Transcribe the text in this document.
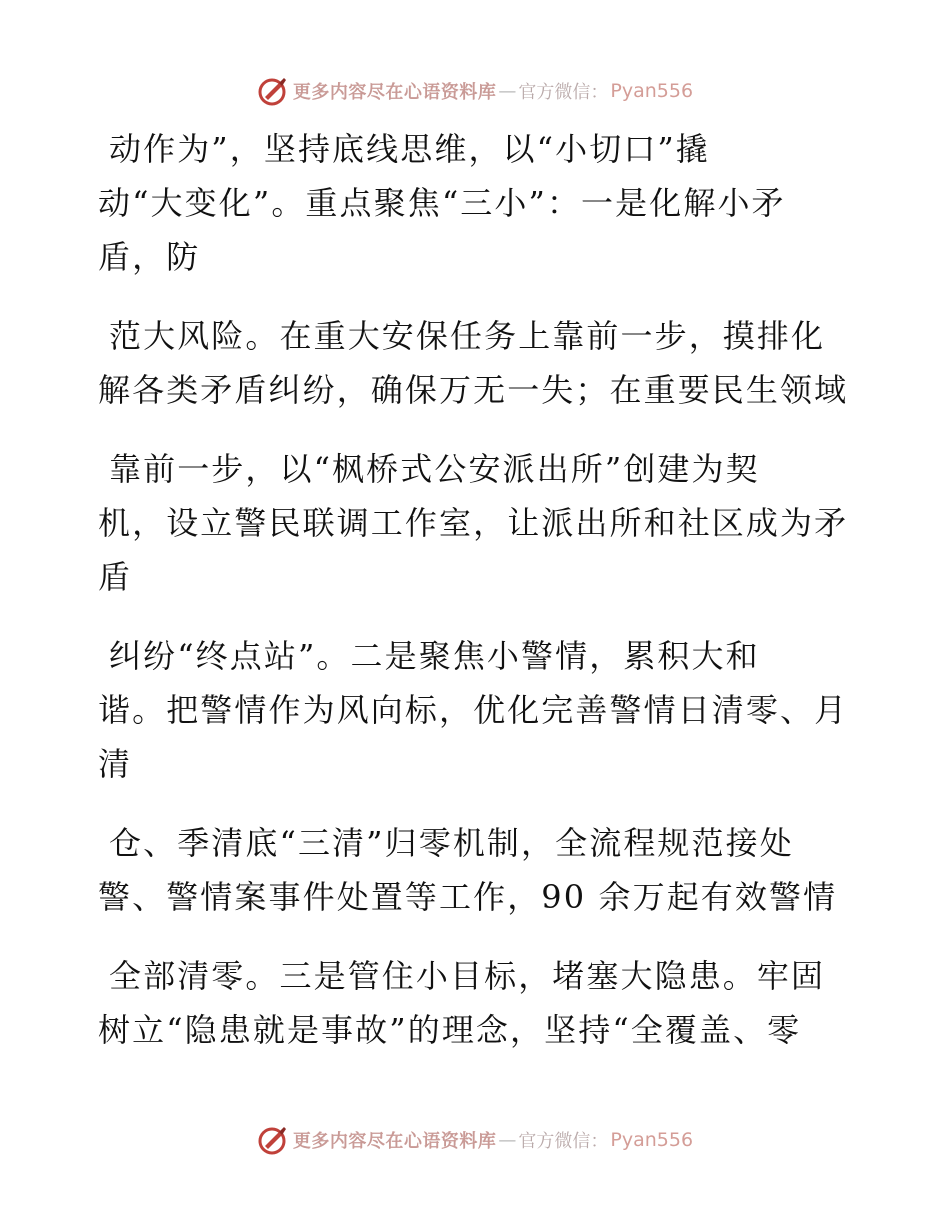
更多内容尽在心语资料库 — 官方微信： Pyan556
动作为”，坚持底线思维，以“小切口”撬
动“大变化”。重点聚焦“三小”：一是化解小矛
盾，防
范大风险。在重大安保任务上靠前一步，摸排化
解各类矛盾纠纷，确保万无一失；在重要民生领域
靠前一步，以“枫桥式公安派出所”创建为契
机，设立警民联调工作室，让派出所和社区成为矛
盾
纠纷“终点站”。二是聚焦小警情，累积大和
谐。把警情作为风向标，优化完善警情日清零、月
清
仓、季清底“三清”归零机制，全流程规范接处
警、警情案事件处置等工作，90 余万起有效警情
全部清零。三是管住小目标，堵塞大隐患。牢固
树立“隐患就是事故”的理念，坚持“全覆盖、零
更多内容尽在心语资料库 — 官方微信： Pyan556
